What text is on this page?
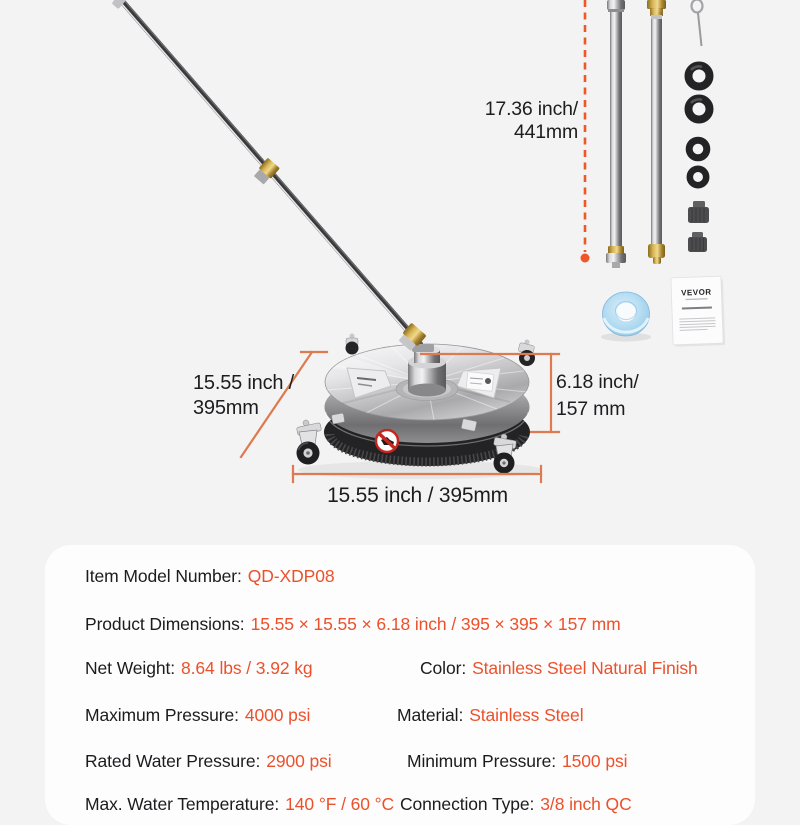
VEVOR
17.36 inch/
441mm
15.55 inch /
395mm
6.18 inch/
157 mm
15.55 inch / 395mm
Item Model Number: QD-XDP08
Product Dimensions: 15.55 × 15.55 × 6.18 inch / 395 × 395 × 157 mm
Net Weight: 8.64 lbs / 3.92 kg	Color: Stainless Steel Natural Finish
Maximum Pressure: 4000 psi	Material: Stainless Steel
Rated Water Pressure: 2900 psi	Minimum Pressure: 1500 psi
Max. Water Temperature: 140 °F / 60 °C Connection Type: 3/8 inch QC
